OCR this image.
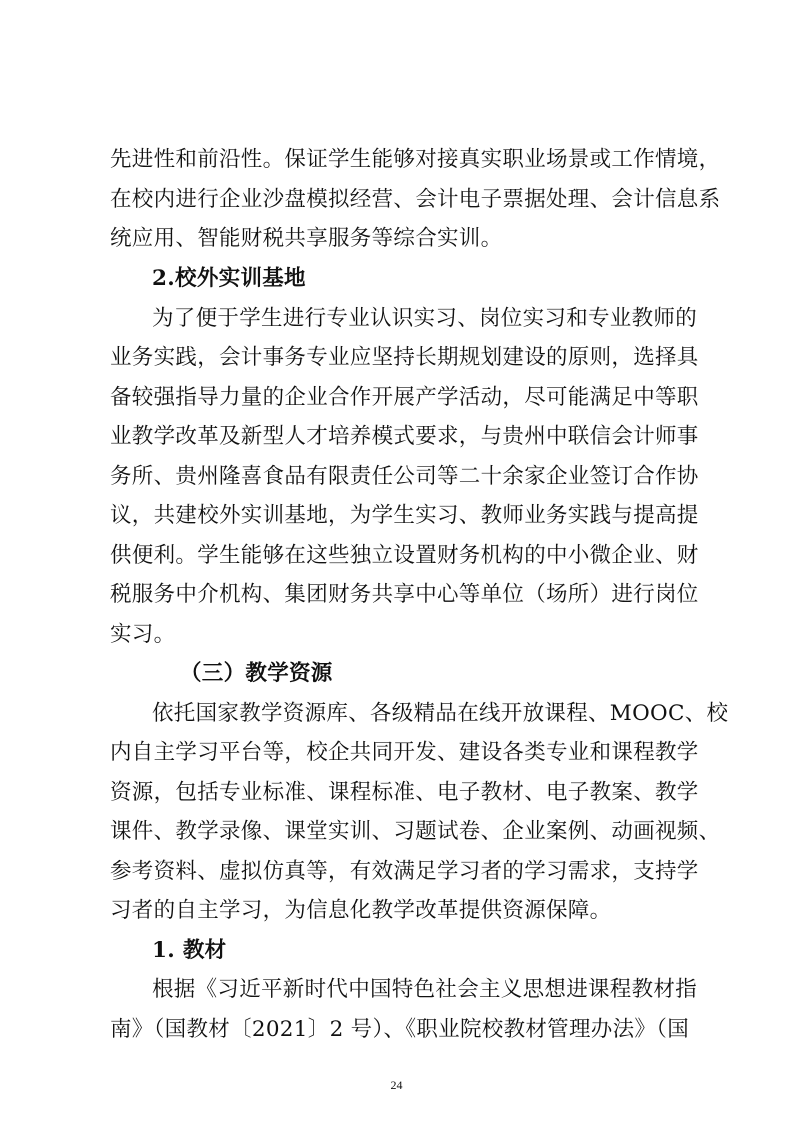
先进性和前沿性。保证学生能够对接真实职业场景或工作情境，
在校内进行企业沙盘模拟经营、会计电子票据处理、会计信息系
统应用、智能财税共享服务等综合实训。
2.校外实训基地
为了便于学生进行专业认识实习、岗位实习和专业教师的
业务实践，会计事务专业应坚持长期规划建设的原则，选择具
备较强指导力量的企业合作开展产学活动，尽可能满足中等职
业教学改革及新型人才培养模式要求，与贵州中联信会计师事
务所、贵州隆喜食品有限责任公司等二十余家企业签订合作协
议，共建校外实训基地，为学生实习、教师业务实践与提高提
供便利。学生能够在这些独立设置财务机构的中小微企业、财
税服务中介机构、集团财务共享中心等单位（场所）进行岗位
实习。
（三）教学资源
依托国家教学资源库、各级精品在线开放课程、MOOC、校
内自主学习平台等，校企共同开发、建设各类专业和课程教学
资源，包括专业标准、课程标准、电子教材、电子教案、教学
课件、教学录像、课堂实训、习题试卷、企业案例、动画视频、
参考资料、虚拟仿真等，有效满足学习者的学习需求，支持学
习者的自主学习，为信息化教学改革提供资源保障。
1. 教材
根据《习近平新时代中国特色社会主义思想进课程教材指
南》（国教材〔2021〕2 号）、《职业院校教材管理办法》（国
24
